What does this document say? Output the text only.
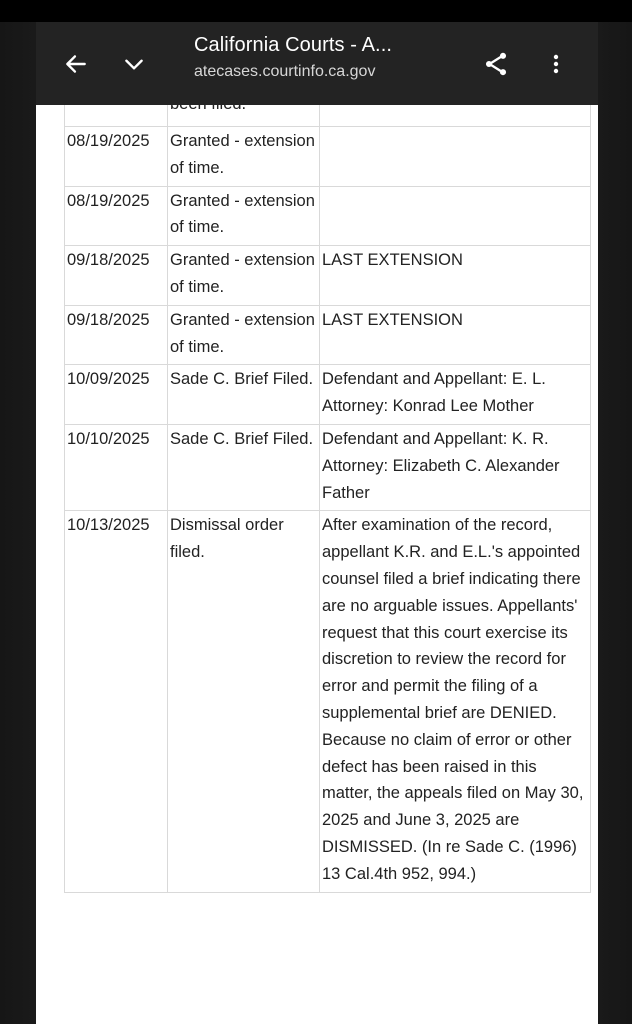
California Courts - A...
atecases.courtinfo.ca.gov

08/19/2025	Granted - extension of time.	
08/19/2025	Granted - extension of time.	
09/18/2025	Granted - extension of time.	LAST EXTENSION
09/18/2025	Granted - extension of time.	LAST EXTENSION
10/09/2025	Sade C. Brief Filed.	Defendant and Appellant: E. L. Attorney: Konrad Lee Mother
10/10/2025	Sade C. Brief Filed.	Defendant and Appellant: K. R. Attorney: Elizabeth C. Alexander Father
10/13/2025	Dismissal order filed.	After examination of the record, appellant K.R. and E.L.'s appointed counsel filed a brief indicating there are no arguable issues. Appellants' request that this court exercise its discretion to review the record for error and permit the filing of a supplemental brief are DENIED. Because no claim of error or other defect has been raised in this matter, the appeals filed on May 30, 2025 and June 3, 2025 are DISMISSED. (In re Sade C. (1996) 13 Cal.4th 952, 994.)
